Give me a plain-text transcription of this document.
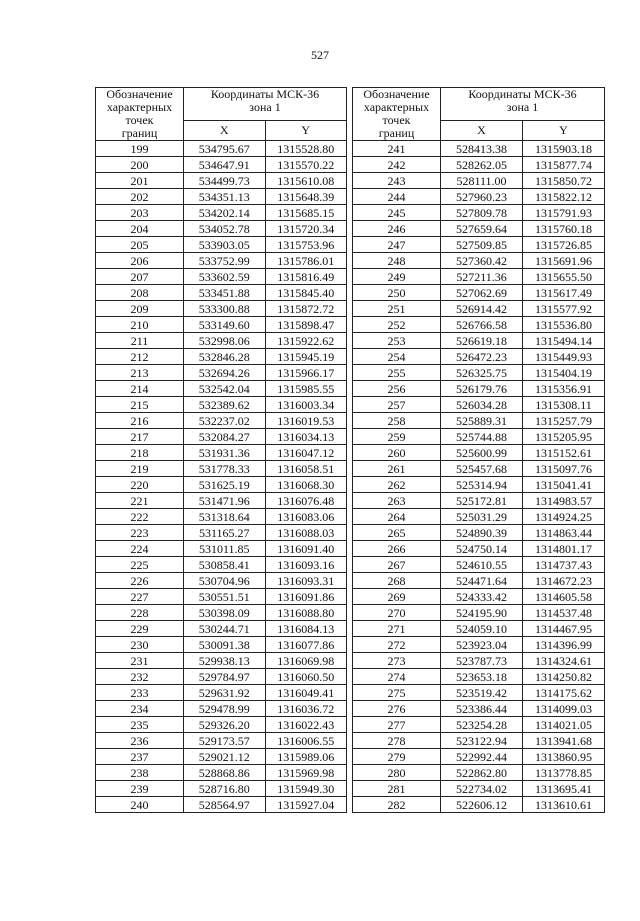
527
Обозначение
характерных
точек
границ	Координаты МСК-36
зона 1	
	X	Y
199	534795.67	1315528.80
200	534647.91	1315570.22
201	534499.73	1315610.08
202	534351.13	1315648.39
203	534202.14	1315685.15
204	534052.78	1315720.34
205	533903.05	1315753.96
206	533752.99	1315786.01
207	533602.59	1315816.49
208	533451.88	1315845.40
209	533300.88	1315872.72
210	533149.60	1315898.47
211	532998.06	1315922.62
212	532846.28	1315945.19
213	532694.26	1315966.17
214	532542.04	1315985.55
215	532389.62	1316003.34
216	532237.02	1316019.53
217	532084.27	1316034.13
218	531931.36	1316047.12
219	531778.33	1316058.51
220	531625.19	1316068.30
221	531471.96	1316076.48
222	531318.64	1316083.06
223	531165.27	1316088.03
224	531011.85	1316091.40
225	530858.41	1316093.16
226	530704.96	1316093.31
227	530551.51	1316091.86
228	530398.09	1316088.80
229	530244.71	1316084.13
230	530091.38	1316077.86
231	529938.13	1316069.98
232	529784.97	1316060.50
233	529631.92	1316049.41
234	529478.99	1316036.72
235	529326.20	1316022.43
236	529173.57	1316006.55
237	529021.12	1315989.06
238	528868.86	1315969.98
239	528716.80	1315949.30
240	528564.97	1315927.04
Обозначение
характерных
точек
границ	Координаты МСК-36
зона 1	
	X	Y
241	528413.38	1315903.18
242	528262.05	1315877.74
243	528111.00	1315850.72
244	527960.23	1315822.12
245	527809.78	1315791.93
246	527659.64	1315760.18
247	527509.85	1315726.85
248	527360.42	1315691.96
249	527211.36	1315655.50
250	527062.69	1315617.49
251	526914.42	1315577.92
252	526766.58	1315536.80
253	526619.18	1315494.14
254	526472.23	1315449.93
255	526325.75	1315404.19
256	526179.76	1315356.91
257	526034.28	1315308.11
258	525889.31	1315257.79
259	525744.88	1315205.95
260	525600.99	1315152.61
261	525457.68	1315097.76
262	525314.94	1315041.41
263	525172.81	1314983.57
264	525031.29	1314924.25
265	524890.39	1314863.44
266	524750.14	1314801.17
267	524610.55	1314737.43
268	524471.64	1314672.23
269	524333.42	1314605.58
270	524195.90	1314537.48
271	524059.10	1314467.95
272	523923.04	1314396.99
273	523787.73	1314324.61
274	523653.18	1314250.82
275	523519.42	1314175.62
276	523386.44	1314099.03
277	523254.28	1314021.05
278	523122.94	1313941.68
279	522992.44	1313860.95
280	522862.80	1313778.85
281	522734.02	1313695.41
282	522606.12	1313610.61
